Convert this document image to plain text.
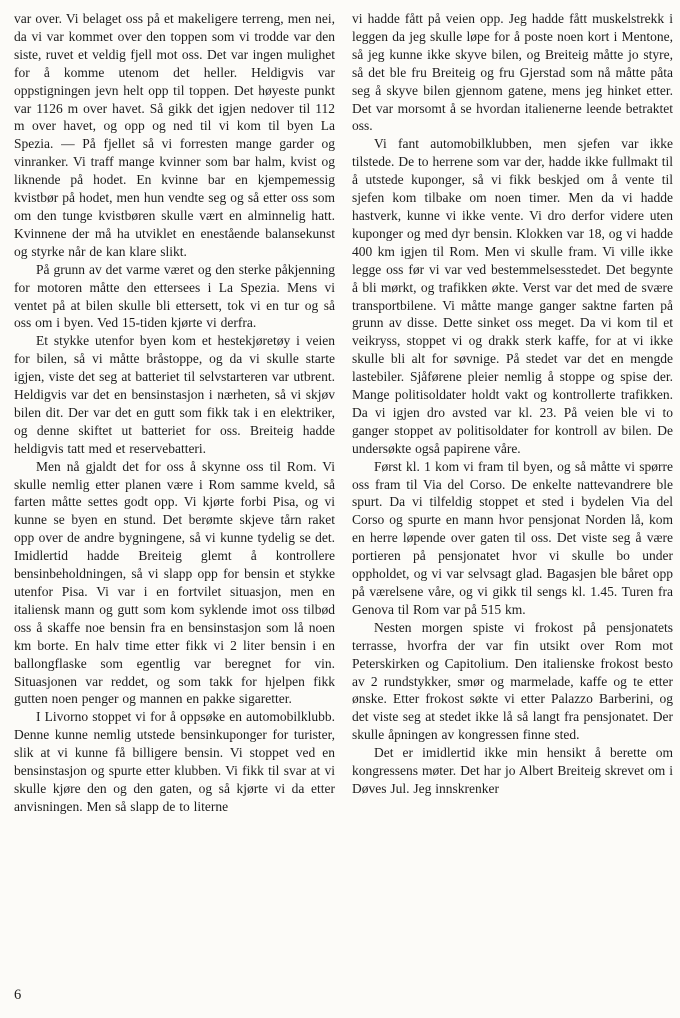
var over. Vi belaget oss på et makeligere terreng, men nei, da vi var kommet over den toppen som vi trodde var den siste, ruvet et veldig fjell mot oss. Det var ingen mulighet for å komme utenom det heller. Heldigvis var oppstigningen jevn helt opp til toppen. Det høyeste punkt var 1126 m over havet. Så gikk det igjen nedover til 112 m over havet, og opp og ned til vi kom til byen La Spezia. — På fjellet så vi forresten mange garder og vinranker. Vi traff mange kvinner som bar halm, kvist og liknende på hodet. En kvinne bar en kjempemessig kvistbør på hodet, men hun vendte seg og så etter oss som om den tunge kvistbøren skulle vært en alminnelig hatt. Kvinnene der må ha utviklet en enestående balansekunst og styrke når de kan klare slikt.

På grunn av det varme været og den sterke påkjenning for motoren måtte den ettersees i La Spezia. Mens vi ventet på at bilen skulle bli ettersett, tok vi en tur og så oss om i byen. Ved 15-tiden kjørte vi derfra.

Et stykke utenfor byen kom et hestekjøretøy i veien for bilen, så vi måtte bråstoppe, og da vi skulle starte igjen, viste det seg at batteriet til selvstarteren var utbrent. Heldigvis var det en bensinstasjon i nærheten, så vi skjøv bilen dit. Der var det en gutt som fikk tak i en elektriker, og denne skiftet ut batteriet for oss. Breiteig hadde heldigvis tatt med et reservebatteri.

Men nå gjaldt det for oss å skynne oss til Rom. Vi skulle nemlig etter planen være i Rom samme kveld, så farten måtte settes godt opp. Vi kjørte forbi Pisa, og vi kunne se byen en stund. Det berømte skjeve tårn raket opp over de andre bygningene, så vi kunne tydelig se det. Imidlertid hadde Breiteig glemt å kontrollere bensinbeholdningen, så vi slapp opp for bensin et stykke utenfor Pisa. Vi var i en fortvilet situasjon, men en italiensk mann og gutt som kom syklende imot oss tilbød oss å skaffe noe bensin fra en bensinstasjon som lå noen km borte. En halv time etter fikk vi 2 liter bensin i en ballongflaske som egentlig var beregnet for vin. Situasjonen var reddet, og som takk for hjelpen fikk gutten noen penger og mannen en pakke sigaretter.

I Livorno stoppet vi for å oppsøke en automobilklubb. Denne kunne nemlig utstede bensinkuponger for turister, slik at vi kunne få billigere bensin. Vi stoppet ved en bensinstasjon og spurte etter klubben. Vi fikk til svar at vi skulle kjøre den og den gaten, og så kjørte vi da etter anvisningen. Men så slapp de to literne

vi hadde fått på veien opp. Jeg hadde fått muskelstrekk i leggen da jeg skulle løpe for å poste noen kort i Mentone, så jeg kunne ikke skyve bilen, og Breiteig måtte jo styre, så det ble fru Breiteig og fru Gjerstad som nå måtte påta seg å skyve bilen gjennom gatene, mens jeg hinket etter. Det var morsomt å se hvordan italienerne leende betraktet oss.

Vi fant automobilklubben, men sjefen var ikke tilstede. De to herrene som var der, hadde ikke fullmakt til å utstede kuponger, så vi fikk beskjed om å vente til sjefen kom tilbake om noen timer. Men da vi hadde hastverk, kunne vi ikke vente. Vi dro derfor videre uten kuponger og med dyr bensin. Klokken var 18, og vi hadde 400 km igjen til Rom. Men vi skulle fram. Vi ville ikke legge oss før vi var ved bestemmelsesstedet. Det begynte å bli mørkt, og trafikken økte. Verst var det med de svære transportbilene. Vi måtte mange ganger saktne farten på grunn av disse. Dette sinket oss meget. Da vi kom til et veikryss, stoppet vi og drakk sterk kaffe, for at vi ikke skulle bli alt for søvnige. På stedet var det en mengde lastebiler. Sjåførene pleier nemlig å stoppe og spise der. Mange politisoldater holdt vakt og kontrollerte trafikken. Da vi igjen dro avsted var kl. 23. På veien ble vi to ganger stoppet av politisoldater for kontroll av bilen. De undersøkte også papirene våre.

Først kl. 1 kom vi fram til byen, og så måtte vi spørre oss fram til Via del Corso. De enkelte nattevandrere ble spurt. Da vi tilfeldig stoppet et sted i bydelen Via del Corso og spurte en mann hvor pensjonat Norden lå, kom en herre løpende over gaten til oss. Det viste seg å være portieren på pensjonatet hvor vi skulle bo under oppholdet, og vi var selvsagt glad. Bagasjen ble båret opp på værelsene våre, og vi gikk til sengs kl. 1.45. Turen fra Genova til Rom var på 515 km.

Nesten morgen spiste vi frokost på pensjonatets terrasse, hvorfra der var fin utsikt over Rom mot Peterskirken og Capitolium. Den italienske frokost besto av 2 rundstykker, smør og marmelade, kaffe og te etter ønske. Etter frokost søkte vi etter Palazzo Barberini, og det viste seg at stedet ikke lå så langt fra pensjonatet. Der skulle åpningen av kongressen finne sted.

Det er imidlertid ikke min hensikt å berette om kongressens møter. Det har jo Albert Breiteig skrevet om i Døves Jul. Jeg innskrenker

6
